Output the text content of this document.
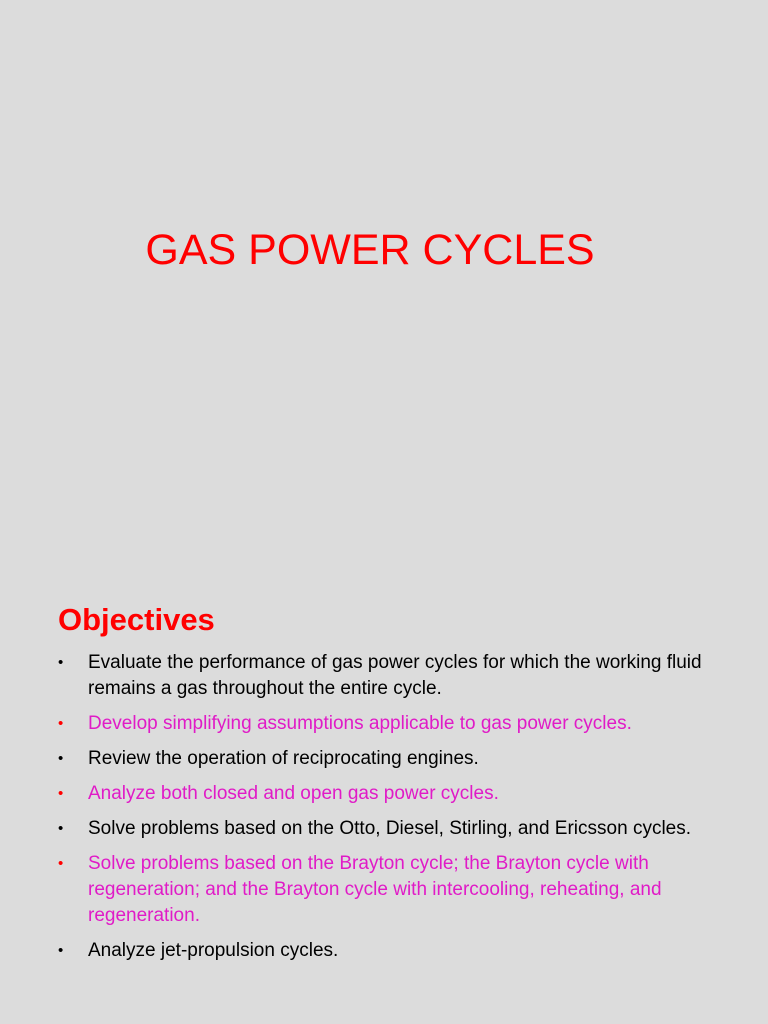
GAS POWER CYCLES
Objectives
• Evaluate the performance of gas power cycles for which the working fluid remains a gas throughout the entire cycle.
• Develop simplifying assumptions applicable to gas power cycles.
• Review the operation of reciprocating engines.
• Analyze both closed and open gas power cycles.
• Solve problems based on the Otto, Diesel, Stirling, and Ericsson cycles.
• Solve problems based on the Brayton cycle; the Brayton cycle with regeneration; and the Brayton cycle with intercooling, reheating, and regeneration.
• Analyze jet-propulsion cycles.
